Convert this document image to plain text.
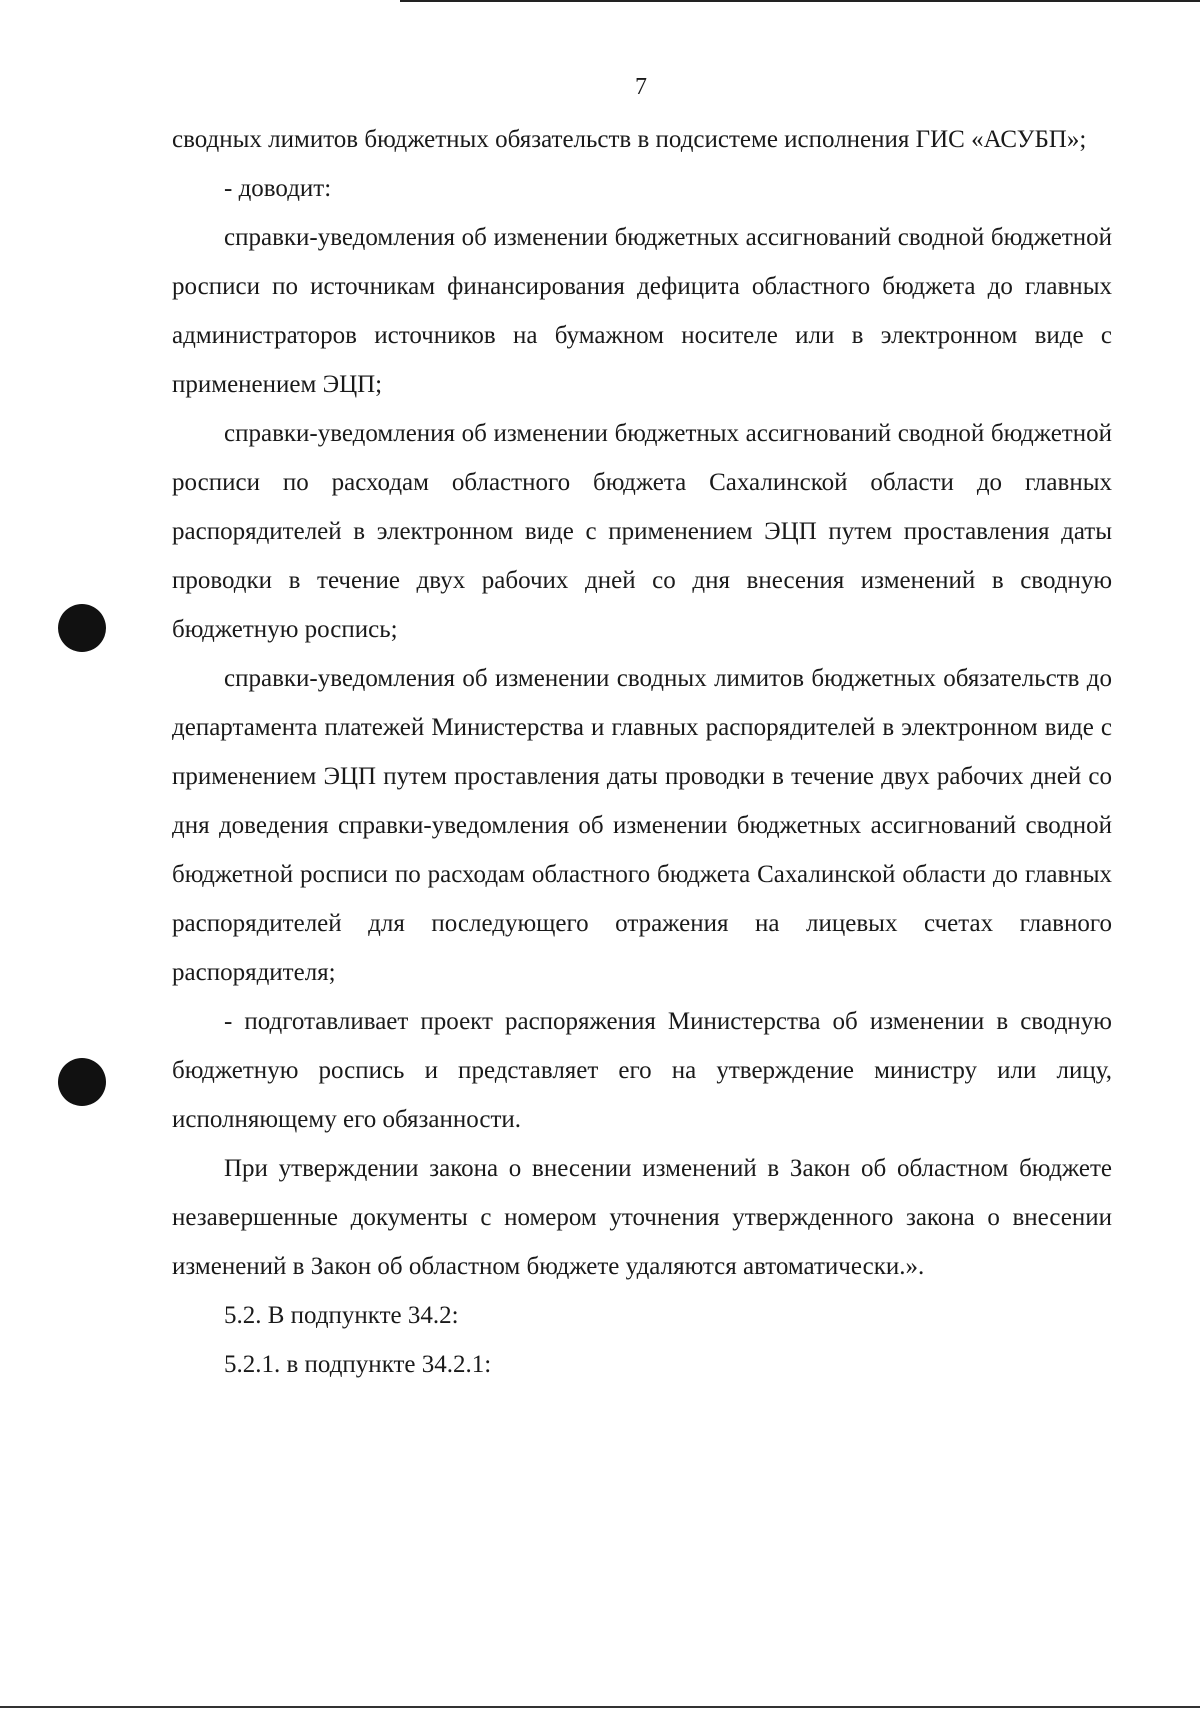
7

сводных лимитов бюджетных обязательств в подсистеме исполнения ГИС «АСУБП»;

- доводит:

справки-уведомления об изменении бюджетных ассигнований сводной бюджетной росписи по источникам финансирования дефицита областного бюджета до главных администраторов источников на бумажном носителе или в электронном виде с применением ЭЦП;

справки-уведомления об изменении бюджетных ассигнований сводной бюджетной росписи по расходам областного бюджета Сахалинской области до главных распорядителей в электронном виде с применением ЭЦП путем проставления даты проводки в течение двух рабочих дней со дня внесения изменений в сводную бюджетную роспись;

справки-уведомления об изменении сводных лимитов бюджетных обязательств до департамента платежей Министерства и главных распорядителей в электронном виде с применением ЭЦП путем проставления даты проводки в течение двух рабочих дней со дня доведения справки-уведомления об изменении бюджетных ассигнований сводной бюджетной росписи по расходам областного бюджета Сахалинской области до главных распорядителей для последующего отражения на лицевых счетах главного распорядителя;

- подготавливает проект распоряжения Министерства об изменении в сводную бюджетную роспись и представляет его на утверждение министру или лицу, исполняющему его обязанности.

При утверждении закона о внесении изменений в Закон об областном бюджете незавершенные документы с номером уточнения утвержденного закона о внесении изменений в Закон об областном бюджете удаляются автоматически.».

5.2. В подпункте 34.2:

5.2.1. в подпункте 34.2.1:
